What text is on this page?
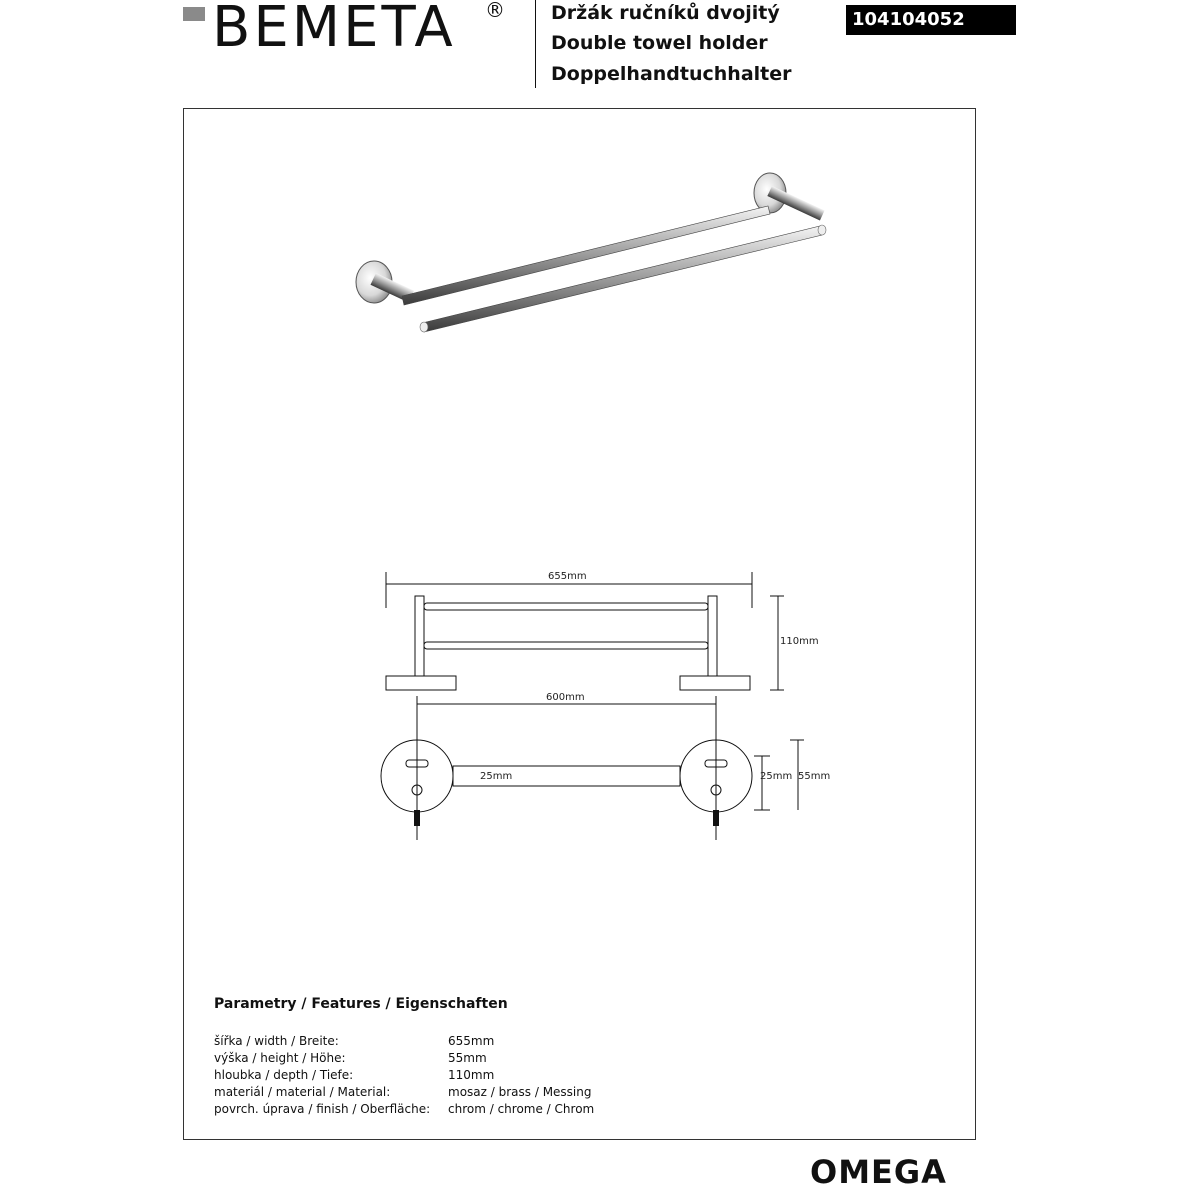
BEMETA ® Držák ručníků dvojitý
Double towel holder
Doppelhandtuchhalter
104104052
655mm
110mm
600mm
25mm	25mm 55mm
Parametry / Features / Eigenschaften
šířka / width / Breite:	655mm
výška / height / Höhe:	55mm
hloubka / depth / Tiefe:	110mm
materiál / material / Material:	mosaz / brass / Messing
povrch. úprava / finish / Oberfläche: chrom / chrome / Chrom
OMEGA
